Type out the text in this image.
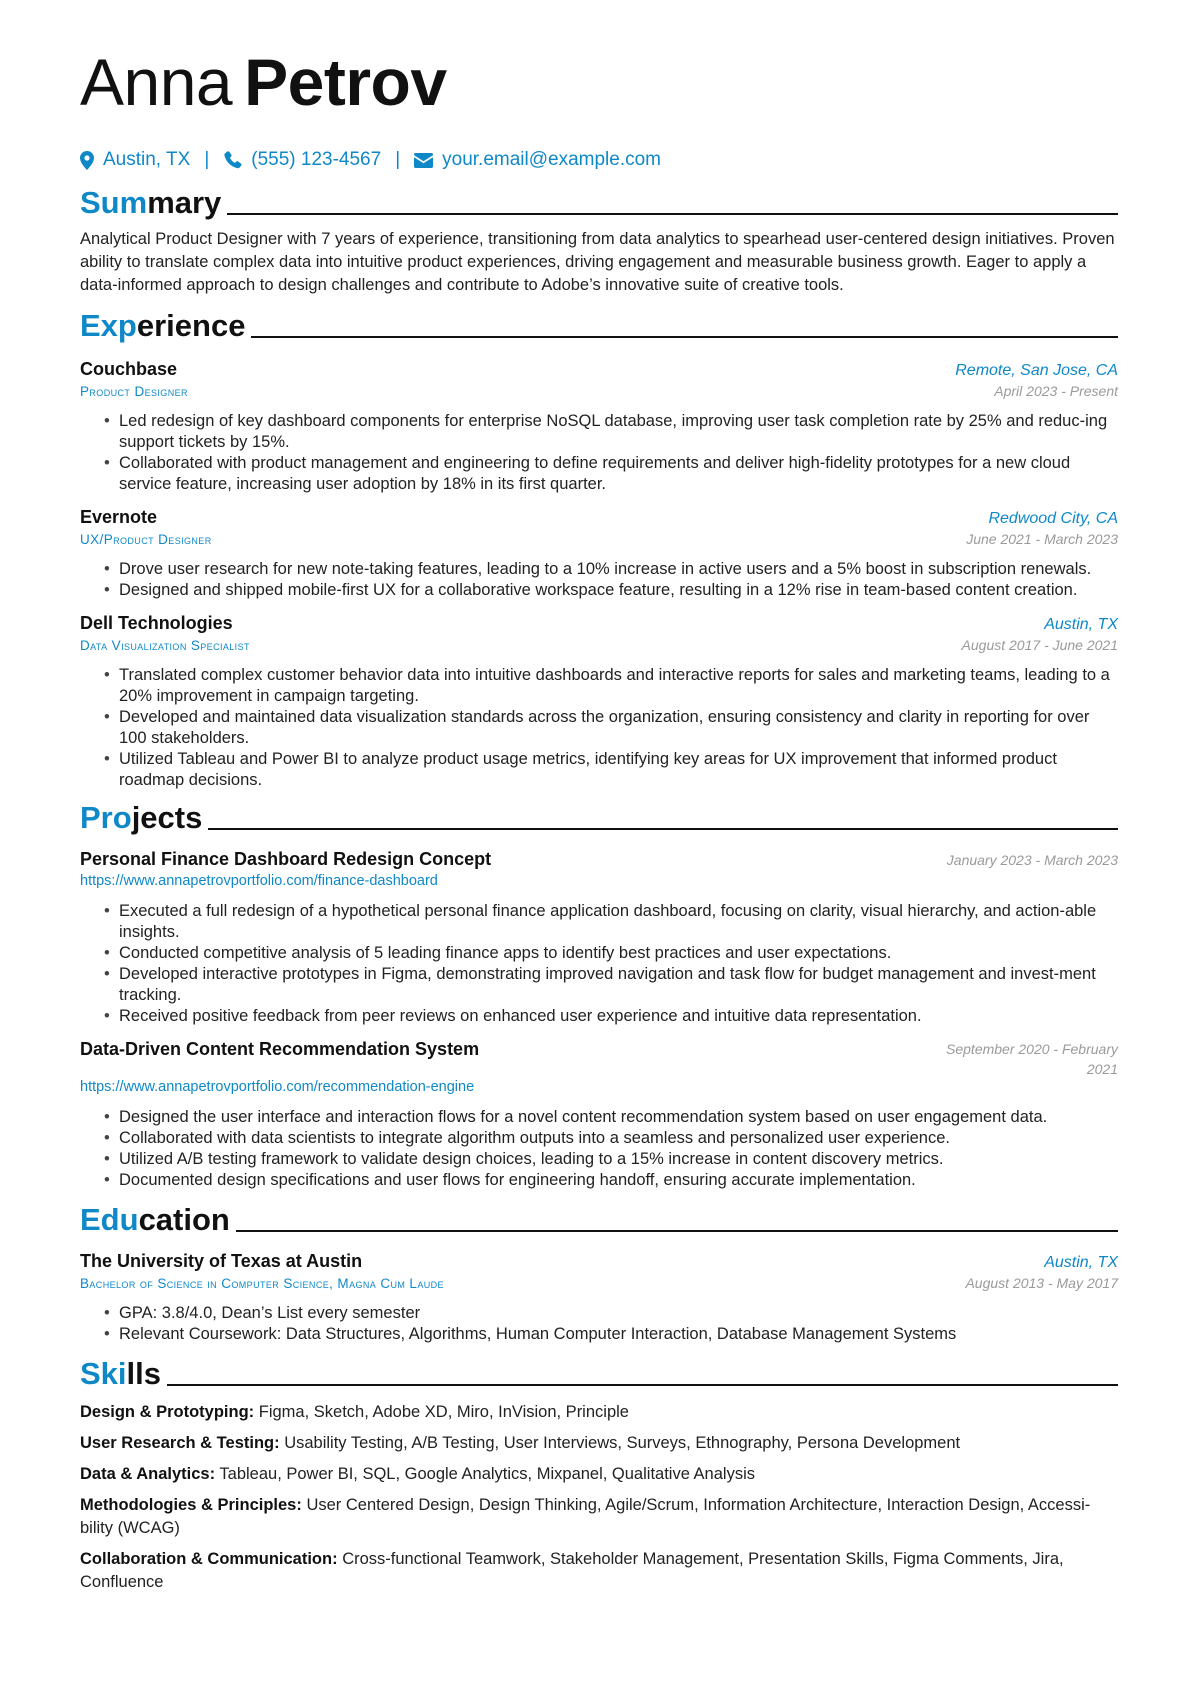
Anna Petrov
Austin, TX | (555) 123-4567 | your.email@example.com
Summary

Analytical Product Designer with 7 years of experience, transitioning from data analytics to spearhead user-centered design initiatives. Proven ability to translate complex data into intuitive product experiences, driving engagement and measurable business growth. Eager to apply a data-informed approach to design challenges and contribute to Adobe’s innovative suite of creative tools.

Experience
Couchbase	Remote, San Jose, CA
Product Designer	April 2023 - Present
• Led redesign of key dashboard components for enterprise NoSQL database, improving user task completion rate by 25% and reduc-ing support tickets by 15%.
• Collaborated with product management and engineering to define requirements and deliver high-fidelity prototypes for a new cloud service feature, increasing user adoption by 18% in its first quarter.
Evernote	Redwood City, CA
UX/Product Designer	June 2021 - March 2023
• Drove user research for new note-taking features, leading to a 10% increase in active users and a 5% boost in subscription renewals.
• Designed and shipped mobile-first UX for a collaborative workspace feature, resulting in a 12% rise in team-based content creation.
Dell Technologies	Austin, TX
Data Visualization Specialist	August 2017 - June 2021
• Translated complex customer behavior data into intuitive dashboards and interactive reports for sales and marketing teams, leading to a 20% improvement in campaign targeting.
• Developed and maintained data visualization standards across the organization, ensuring consistency and clarity in reporting for over 100 stakeholders.
• Utilized Tableau and Power BI to analyze product usage metrics, identifying key areas for UX improvement that informed product roadmap decisions.
Projects
Personal Finance Dashboard Redesign Concept	January 2023 - March 2023
https://www.annapetrovportfolio.com/finance-dashboard
• Executed a full redesign of a hypothetical personal finance application dashboard, focusing on clarity, visual hierarchy, and action-able insights.
• Conducted competitive analysis of 5 leading finance apps to identify best practices and user expectations.
• Developed interactive prototypes in Figma, demonstrating improved navigation and task flow for budget management and invest-ment tracking.
• Received positive feedback from peer reviews on enhanced user experience and intuitive data representation.
Data-Driven Content Recommendation System	September 2020 - February
2021
https://www.annapetrovportfolio.com/recommendation-engine
• Designed the user interface and interaction flows for a novel content recommendation system based on user engagement data.
• Collaborated with data scientists to integrate algorithm outputs into a seamless and personalized user experience.
• Utilized A/B testing framework to validate design choices, leading to a 15% increase in content discovery metrics.
• Documented design specifications and user flows for engineering handoff, ensuring accurate implementation.
Education
The University of Texas at Austin	Austin, TX
Bachelor of Science in Computer Science, Magna Cum Laude	August 2013 - May 2017
• GPA: 3.8/4.0, Dean’s List every semester
• Relevant Coursework: Data Structures, Algorithms, Human Computer Interaction, Database Management Systems
Skills

Design & Prototyping: Figma, Sketch, Adobe XD, Miro, InVision, Principle

User Research & Testing: Usability Testing, A/B Testing, User Interviews, Surveys, Ethnography, Persona Development

Data & Analytics: Tableau, Power BI, SQL, Google Analytics, Mixpanel, Qualitative Analysis

Methodologies & Principles: User Centered Design, Design Thinking, Agile/Scrum, Information Architecture, Interaction Design, Accessi-bility (WCAG)

Collaboration & Communication: Cross-functional Teamwork, Stakeholder Management, Presentation Skills, Figma Comments, Jira, Confluence
